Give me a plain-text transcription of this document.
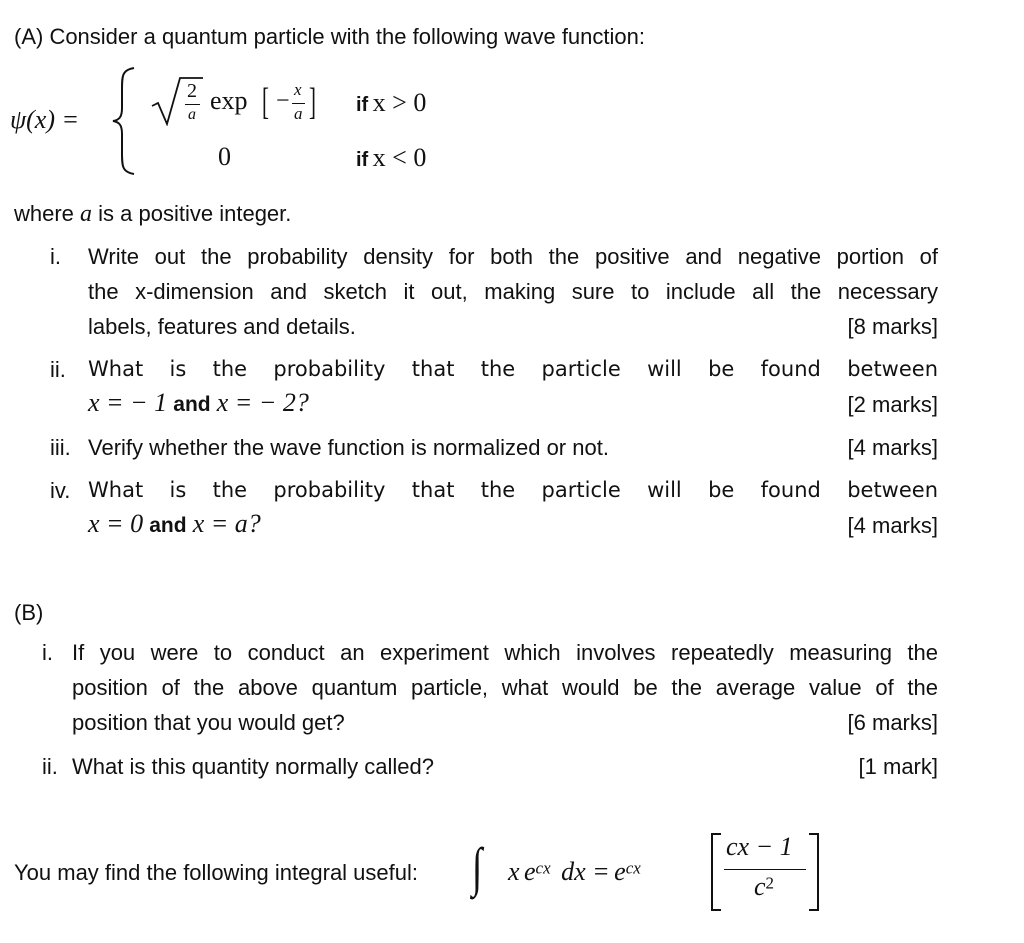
(A) Consider a quantum particle with the following wave function:
ψ(x) =
2
a exp [ − x
a ] if x > 0
0	if x < 0
where a is a positive integer.
i. Write out the probability density for both the positive and negative portion of
the x-dimension and sketch it out, making sure to include all the necessary
labels, features and details.	[8 marks]
ii. What is the probability that the particle will be found between
x = − 1 and x = − 2?	[2 marks]
iii. Verify whether the wave function is normalized or not.	[4 marks]
iv. What is the probability that the particle will be found between
x = 0 and x = a?	[4 marks]
(B)
i. If you were to conduct an experiment which involves repeatedly measuring the
position of the above quantum particle, what would be the average value of the
position that you would get?	[6 marks]
ii. What is this quantity normally called?	[1 mark]
You may find the following integral useful: ∫ x $e^{cx}$ dx = $e^{cx}$
cx − 1
$c^2$
